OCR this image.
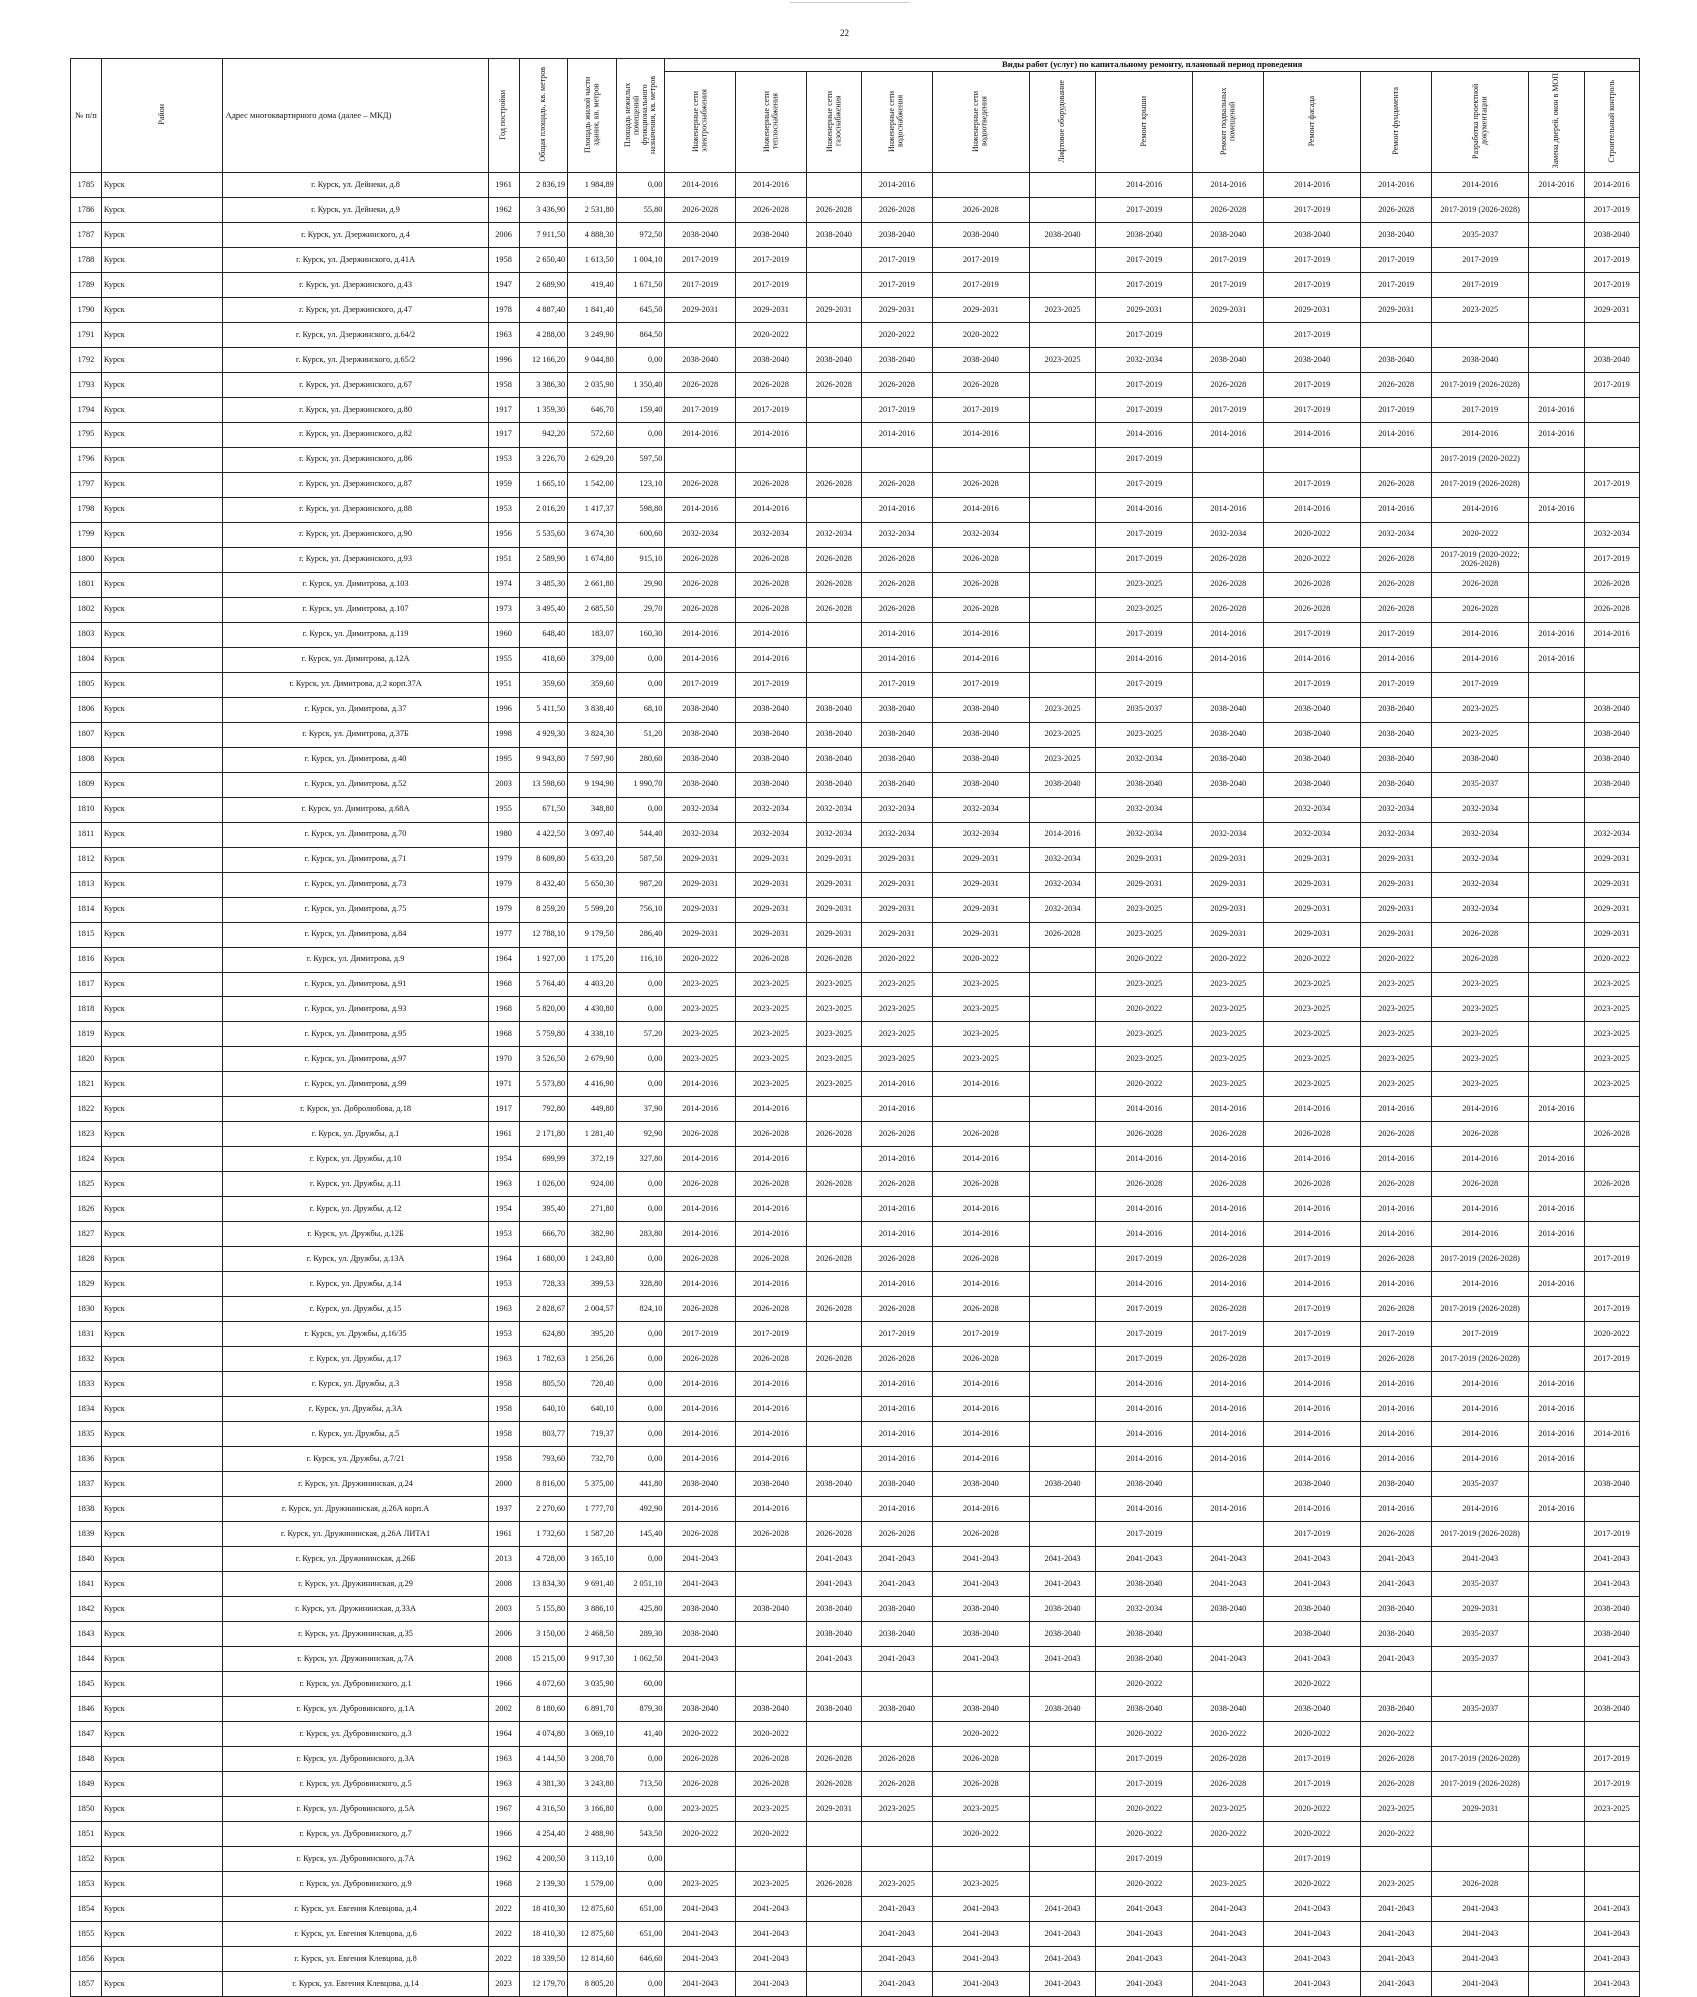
22
№ п/п	Район	Адрес многоквартирного дома (далее – МКД)	Год постройки	Общая площадь, кв. метров	Площадь жилой части здания, кв. метров	Площадь нежилых помещений функционального назначения, кв. метров	Виды работ (услуг) по капитальному ремонту, плановый период проведения												
							Инженерные сети электроснабжения	Инженерные сети теплоснабжения	Инженерные сети газоснабжения	Инженерные сети водоснабжения	Инженерные сети водоотведения	Лифтовое оборудование	Ремонт крыши	Ремонт подвальных помещений	Ремонт фасада	Ремонт фундамента	Разработка проектной документации	Замена дверей, окон в МОП	Строительный контроль
1785	Курск	г. Курск, ул. Дейнеки, д.8	1961	2 836,19	1 984,89	0,00	2014-2016	2014-2016		2014-2016			2014-2016	2014-2016	2014-2016	2014-2016	2014-2016	2014-2016	2014-2016
1786	Курск	г. Курск, ул. Дейнеки, д.9	1962	3 436,90	2 531,80	55,80	2026-2028	2026-2028	2026-2028	2026-2028	2026-2028		2017-2019	2026-2028	2017-2019	2026-2028	2017-2019 (2026-2028)		2017-2019
1787	Курск	г. Курск, ул. Дзержинского, д.4	2006	7 911,50	4 888,30	972,50	2038-2040	2038-2040	2038-2040	2038-2040	2038-2040	2038-2040	2038-2040	2038-2040	2038-2040	2038-2040	2035-2037		2038-2040
1788	Курск	г. Курск, ул. Дзержинского, д.41А	1958	2 650,40	1 613,50	1 004,10	2017-2019	2017-2019		2017-2019	2017-2019		2017-2019	2017-2019	2017-2019	2017-2019	2017-2019		2017-2019
1789	Курск	г. Курск, ул. Дзержинского, д.43	1947	2 689,90	419,40	1 671,50	2017-2019	2017-2019		2017-2019	2017-2019		2017-2019	2017-2019	2017-2019	2017-2019	2017-2019		2017-2019
1790	Курск	г. Курск, ул. Дзержинского, д.47	1978	4 887,40	1 841,40	645,50	2029-2031	2029-2031	2029-2031	2029-2031	2029-2031	2023-2025	2029-2031	2029-2031	2029-2031	2029-2031	2023-2025		2029-2031
1791	Курск	г. Курск, ул. Дзержинского, д.64/2	1963	4 288,00	3 249,90	864,50		2020-2022		2020-2022	2020-2022		2017-2019		2017-2019				
1792	Курск	г. Курск, ул. Дзержинского, д.65/2	1996	12 166,20	9 044,80	0,00	2038-2040	2038-2040	2038-2040	2038-2040	2038-2040	2023-2025	2032-2034	2038-2040	2038-2040	2038-2040	2038-2040		2038-2040
1793	Курск	г. Курск, ул. Дзержинского, д.67	1958	3 386,30	2 035,90	1 350,40	2026-2028	2026-2028	2026-2028	2026-2028	2026-2028		2017-2019	2026-2028	2017-2019	2026-2028	2017-2019 (2026-2028)		2017-2019
1794	Курск	г. Курск, ул. Дзержинского, д.80	1917	1 359,30	646,70	159,40	2017-2019	2017-2019		2017-2019	2017-2019		2017-2019	2017-2019	2017-2019	2017-2019	2017-2019	2014-2016	
1795	Курск	г. Курск, ул. Дзержинского, д.82	1917	942,20	572,60	0,00	2014-2016	2014-2016		2014-2016	2014-2016		2014-2016	2014-2016	2014-2016	2014-2016	2014-2016	2014-2016	
1796	Курск	г. Курск, ул. Дзержинского, д.86	1953	3 226,70	2 629,20	597,50							2017-2019				2017-2019 (2020-2022)		
1797	Курск	г. Курск, ул. Дзержинского, д.87	1959	1 665,10	1 542,00	123,10	2026-2028	2026-2028	2026-2028	2026-2028	2026-2028		2017-2019		2017-2019	2026-2028	2017-2019 (2026-2028)		2017-2019
1798	Курск	г. Курск, ул. Дзержинского, д.88	1953	2 016,20	1 417,37	598,80	2014-2016	2014-2016		2014-2016	2014-2016		2014-2016	2014-2016	2014-2016	2014-2016	2014-2016	2014-2016	
1799	Курск	г. Курск, ул. Дзержинского, д.90	1956	5 535,60	3 674,30	600,60	2032-2034	2032-2034	2032-2034	2032-2034	2032-2034		2017-2019	2032-2034	2020-2022	2032-2034	2020-2022		2032-2034
1800	Курск	г. Курск, ул. Дзержинского, д.93	1951	2 589,90	1 674,80	915,10	2026-2028	2026-2028	2026-2028	2026-2028	2026-2028		2017-2019	2026-2028	2020-2022	2026-2028	2017-2019 (2020-2022; 2026-2028)		2017-2019
1801	Курск	г. Курск, ул. Димитрова, д.103	1974	3 485,30	2 661,80	29,90	2026-2028	2026-2028	2026-2028	2026-2028	2026-2028		2023-2025	2026-2028	2026-2028	2026-2028	2026-2028		2026-2028
1802	Курск	г. Курск, ул. Димитрова, д.107	1973	3 495,40	2 685,50	29,70	2026-2028	2026-2028	2026-2028	2026-2028	2026-2028		2023-2025	2026-2028	2026-2028	2026-2028	2026-2028		2026-2028
1803	Курск	г. Курск, ул. Димитрова, д.119	1960	648,40	183,07	160,30	2014-2016	2014-2016		2014-2016	2014-2016		2017-2019	2014-2016	2017-2019	2017-2019	2014-2016	2014-2016	2014-2016
1804	Курск	г. Курск, ул. Димитрова, д.12А	1955	418,60	379,00	0,00	2014-2016	2014-2016		2014-2016	2014-2016		2014-2016	2014-2016	2014-2016	2014-2016	2014-2016	2014-2016	
1805	Курск	г. Курск, ул. Димитрова, д.2 корп.37А	1951	359,60	359,60	0,00	2017-2019	2017-2019		2017-2019	2017-2019		2017-2019		2017-2019	2017-2019	2017-2019		
1806	Курск	г. Курск, ул. Димитрова, д.37	1996	5 411,50	3 838,40	68,10	2038-2040	2038-2040	2038-2040	2038-2040	2038-2040	2023-2025	2035-2037	2038-2040	2038-2040	2038-2040	2023-2025		2038-2040
1807	Курск	г. Курск, ул. Димитрова, д.37Б	1998	4 929,30	3 824,30	51,20	2038-2040	2038-2040	2038-2040	2038-2040	2038-2040	2023-2025	2023-2025	2038-2040	2038-2040	2038-2040	2023-2025		2038-2040
1808	Курск	г. Курск, ул. Димитрова, д.40	1995	9 943,80	7 597,90	280,60	2038-2040	2038-2040	2038-2040	2038-2040	2038-2040	2023-2025	2032-2034	2038-2040	2038-2040	2038-2040	2038-2040		2038-2040
1809	Курск	г. Курск, ул. Димитрова, д.52	2003	13 598,60	9 194,90	1 990,70	2038-2040	2038-2040	2038-2040	2038-2040	2038-2040	2038-2040	2038-2040	2038-2040	2038-2040	2038-2040	2035-2037		2038-2040
1810	Курск	г. Курск, ул. Димитрова, д.68А	1955	671,50	348,80	0,00	2032-2034	2032-2034	2032-2034	2032-2034	2032-2034		2032-2034		2032-2034	2032-2034	2032-2034		
1811	Курск	г. Курск, ул. Димитрова, д.70	1980	4 422,50	3 097,40	544,40	2032-2034	2032-2034	2032-2034	2032-2034	2032-2034	2014-2016	2032-2034	2032-2034	2032-2034	2032-2034	2032-2034		2032-2034
1812	Курск	г. Курск, ул. Димитрова, д.71	1979	8 609,80	5 633,20	587,50	2029-2031	2029-2031	2029-2031	2029-2031	2029-2031	2032-2034	2029-2031	2029-2031	2029-2031	2029-2031	2032-2034		2029-2031
1813	Курск	г. Курск, ул. Димитрова, д.73	1979	8 432,40	5 650,30	987,20	2029-2031	2029-2031	2029-2031	2029-2031	2029-2031	2032-2034	2029-2031	2029-2031	2029-2031	2029-2031	2032-2034		2029-2031
1814	Курск	г. Курск, ул. Димитрова, д.75	1979	8 259,20	5 599,20	756,10	2029-2031	2029-2031	2029-2031	2029-2031	2029-2031	2032-2034	2023-2025	2029-2031	2029-2031	2029-2031	2032-2034		2029-2031
1815	Курск	г. Курск, ул. Димитрова, д.84	1977	12 788,10	9 179,50	286,40	2029-2031	2029-2031	2029-2031	2029-2031	2029-2031	2026-2028	2023-2025	2029-2031	2029-2031	2029-2031	2026-2028		2029-2031
1816	Курск	г. Курск, ул. Димитрова, д.9	1964	1 927,00	1 175,20	116,10	2020-2022	2026-2028	2026-2028	2020-2022	2020-2022		2020-2022	2020-2022	2020-2022	2020-2022	2026-2028		2020-2022
1817	Курск	г. Курск, ул. Димитрова, д.91	1968	5 764,40	4 403,20	0,00	2023-2025	2023-2025	2023-2025	2023-2025	2023-2025		2023-2025	2023-2025	2023-2025	2023-2025	2023-2025		2023-2025
1818	Курск	г. Курск, ул. Димитрова, д.93	1968	5 820,00	4 430,80	0,00	2023-2025	2023-2025	2023-2025	2023-2025	2023-2025		2020-2022	2023-2025	2023-2025	2023-2025	2023-2025		2023-2025
1819	Курск	г. Курск, ул. Димитрова, д.95	1968	5 759,80	4 338,10	57,20	2023-2025	2023-2025	2023-2025	2023-2025	2023-2025		2023-2025	2023-2025	2023-2025	2023-2025	2023-2025		2023-2025
1820	Курск	г. Курск, ул. Димитрова, д.97	1970	3 526,50	2 679,90	0,00	2023-2025	2023-2025	2023-2025	2023-2025	2023-2025		2023-2025	2023-2025	2023-2025	2023-2025	2023-2025		2023-2025
1821	Курск	г. Курск, ул. Димитрова, д.99	1971	5 573,80	4 416,90	0,00	2014-2016	2023-2025	2023-2025	2014-2016	2014-2016		2020-2022	2023-2025	2023-2025	2023-2025	2023-2025		2023-2025
1822	Курск	г. Курск, ул. Добролюбова, д.18	1917	792,80	449,80	37,90	2014-2016	2014-2016		2014-2016			2014-2016	2014-2016	2014-2016	2014-2016	2014-2016	2014-2016	
1823	Курск	г. Курск, ул. Дружбы, д.1	1961	2 171,80	1 281,40	92,90	2026-2028	2026-2028	2026-2028	2026-2028	2026-2028		2026-2028	2026-2028	2026-2028	2026-2028	2026-2028		2026-2028
1824	Курск	г. Курск, ул. Дружбы, д.10	1954	699,99	372,19	327,80	2014-2016	2014-2016		2014-2016	2014-2016		2014-2016	2014-2016	2014-2016	2014-2016	2014-2016	2014-2016	
1825	Курск	г. Курск, ул. Дружбы, д.11	1963	1 026,00	924,00	0,00	2026-2028	2026-2028	2026-2028	2026-2028	2026-2028		2026-2028	2026-2028	2026-2028	2026-2028	2026-2028		2026-2028
1826	Курск	г. Курск, ул. Дружбы, д.12	1954	395,40	271,80	0,00	2014-2016	2014-2016		2014-2016	2014-2016		2014-2016	2014-2016	2014-2016	2014-2016	2014-2016	2014-2016	
1827	Курск	г. Курск, ул. Дружбы, д.12Б	1953	666,70	382,90	283,80	2014-2016	2014-2016		2014-2016	2014-2016		2014-2016	2014-2016	2014-2016	2014-2016	2014-2016	2014-2016	
1828	Курск	г. Курск, ул. Дружбы, д.13А	1964	1 680,00	1 243,80	0,00	2026-2028	2026-2028	2026-2028	2026-2028	2026-2028		2017-2019	2026-2028	2017-2019	2026-2028	2017-2019 (2026-2028)		2017-2019
1829	Курск	г. Курск, ул. Дружбы, д.14	1953	728,33	399,53	328,80	2014-2016	2014-2016		2014-2016	2014-2016		2014-2016	2014-2016	2014-2016	2014-2016	2014-2016	2014-2016	
1830	Курск	г. Курск, ул. Дружбы, д.15	1963	2 828,67	2 004,57	824,10	2026-2028	2026-2028	2026-2028	2026-2028	2026-2028		2017-2019	2026-2028	2017-2019	2026-2028	2017-2019 (2026-2028)		2017-2019
1831	Курск	г. Курск, ул. Дружбы, д.16/35	1953	624,80	395,20	0,00	2017-2019	2017-2019		2017-2019	2017-2019		2017-2019	2017-2019	2017-2019	2017-2019	2017-2019		2020-2022
1832	Курск	г. Курск, ул. Дружбы, д.17	1963	1 782,63	1 256,26	0,00	2026-2028	2026-2028	2026-2028	2026-2028	2026-2028		2017-2019	2026-2028	2017-2019	2026-2028	2017-2019 (2026-2028)		2017-2019
1833	Курск	г. Курск, ул. Дружбы, д.3	1958	805,50	720,40	0,00	2014-2016	2014-2016		2014-2016	2014-2016		2014-2016	2014-2016	2014-2016	2014-2016	2014-2016	2014-2016	
1834	Курск	г. Курск, ул. Дружбы, д.3А	1958	640,10	640,10	0,00	2014-2016	2014-2016		2014-2016	2014-2016		2014-2016	2014-2016	2014-2016	2014-2016	2014-2016	2014-2016	
1835	Курск	г. Курск, ул. Дружбы, д.5	1958	803,77	719,37	0,00	2014-2016	2014-2016		2014-2016	2014-2016		2014-2016	2014-2016	2014-2016	2014-2016	2014-2016	2014-2016	2014-2016
1836	Курск	г. Курск, ул. Дружбы, д.7/21	1958	793,60	732,70	0,00	2014-2016	2014-2016		2014-2016	2014-2016		2014-2016	2014-2016	2014-2016	2014-2016	2014-2016	2014-2016	
1837	Курск	г. Курск, ул. Дружининская, д.24	2000	8 816,00	5 375,00	441,80	2038-2040	2038-2040	2038-2040	2038-2040	2038-2040	2038-2040	2038-2040		2038-2040	2038-2040	2035-2037		2038-2040
1838	Курск	г. Курск, ул. Дружининская, д.26А корп.А	1937	2 270,60	1 777,70	492,90	2014-2016	2014-2016		2014-2016	2014-2016		2014-2016	2014-2016	2014-2016	2014-2016	2014-2016	2014-2016	
1839	Курск	г. Курск, ул. Дружининская, д.26А ЛИТА1	1961	1 732,60	1 587,20	145,40	2026-2028	2026-2028	2026-2028	2026-2028	2026-2028		2017-2019		2017-2019	2026-2028	2017-2019 (2026-2028)		2017-2019
1840	Курск	г. Курск, ул. Дружининская, д.26Б	2013	4 728,00	3 165,10	0,00	2041-2043		2041-2043	2041-2043	2041-2043	2041-2043	2041-2043	2041-2043	2041-2043	2041-2043	2041-2043		2041-2043
1841	Курск	г. Курск, ул. Дружининская, д.29	2008	13 834,30	9 691,40	2 051,10	2041-2043		2041-2043	2041-2043	2041-2043	2041-2043	2038-2040	2041-2043	2041-2043	2041-2043	2035-2037		2041-2043
1842	Курск	г. Курск, ул. Дружининская, д.33А	2003	5 155,80	3 886,10	425,80	2038-2040	2038-2040	2038-2040	2038-2040	2038-2040	2038-2040	2032-2034	2038-2040	2038-2040	2038-2040	2029-2031		2038-2040
1843	Курск	г. Курск, ул. Дружининская, д.35	2006	3 150,00	2 468,50	289,30	2038-2040		2038-2040	2038-2040	2038-2040	2038-2040	2038-2040		2038-2040	2038-2040	2035-2037		2038-2040
1844	Курск	г. Курск, ул. Дружининская, д.7А	2008	15 215,00	9 917,30	1 062,50	2041-2043		2041-2043	2041-2043	2041-2043	2041-2043	2038-2040	2041-2043	2041-2043	2041-2043	2035-2037		2041-2043
1845	Курск	г. Курск, ул. Дубровинского, д.1	1966	4 072,60	3 035,90	60,00							2020-2022		2020-2022				
1846	Курск	г. Курск, ул. Дубровинского, д.1А	2002	8 180,60	6 891,70	879,30	2038-2040	2038-2040	2038-2040	2038-2040	2038-2040	2038-2040	2038-2040	2038-2040	2038-2040	2038-2040	2035-2037		2038-2040
1847	Курск	г. Курск, ул. Дубровинского, д.3	1964	4 074,80	3 069,10	41,40	2020-2022	2020-2022			2020-2022		2020-2022	2020-2022	2020-2022	2020-2022			
1848	Курск	г. Курск, ул. Дубровинского, д.3А	1963	4 144,50	3 208,70	0,00	2026-2028	2026-2028	2026-2028	2026-2028	2026-2028		2017-2019	2026-2028	2017-2019	2026-2028	2017-2019 (2026-2028)		2017-2019
1849	Курск	г. Курск, ул. Дубровинского, д.5	1963	4 381,30	3 243,80	713,50	2026-2028	2026-2028	2026-2028	2026-2028	2026-2028		2017-2019	2026-2028	2017-2019	2026-2028	2017-2019 (2026-2028)		2017-2019
1850	Курск	г. Курск, ул. Дубровинского, д.5А	1967	4 316,50	3 166,80	0,00	2023-2025	2023-2025	2029-2031	2023-2025	2023-2025		2020-2022	2023-2025	2020-2022	2023-2025	2029-2031		2023-2025
1851	Курск	г. Курск, ул. Дубровинского, д.7	1966	4 254,40	2 488,90	543,50	2020-2022	2020-2022			2020-2022		2020-2022	2020-2022	2020-2022	2020-2022			
1852	Курск	г. Курск, ул. Дубровинского, д.7А	1962	4 200,50	3 113,10	0,00							2017-2019		2017-2019				
1853	Курск	г. Курск, ул. Дубровинского, д.9	1968	2 139,30	1 579,00	0,00	2023-2025	2023-2025	2026-2028	2023-2025	2023-2025		2020-2022	2023-2025	2020-2022	2023-2025	2026-2028		
1854	Курск	г. Курск, ул. Евгения Клевцова, д.4	2022	18 410,30	12 875,60	651,00	2041-2043	2041-2043		2041-2043	2041-2043	2041-2043	2041-2043	2041-2043	2041-2043	2041-2043	2041-2043		2041-2043
1855	Курск	г. Курск, ул. Евгения Клевцова, д.6	2022	18 410,30	12 875,60	651,00	2041-2043	2041-2043		2041-2043	2041-2043	2041-2043	2041-2043	2041-2043	2041-2043	2041-2043	2041-2043		2041-2043
1856	Курск	г. Курск, ул. Евгения Клевцова, д.8	2022	18 339,50	12 814,60	646,60	2041-2043	2041-2043		2041-2043	2041-2043	2041-2043	2041-2043	2041-2043	2041-2043	2041-2043	2041-2043		2041-2043
1857	Курск	г. Курск, ул. Евгения Клевцова, д.14	2023	12 179,70	8 805,20	0,00	2041-2043	2041-2043		2041-2043	2041-2043	2041-2043	2041-2043	2041-2043	2041-2043	2041-2043	2041-2043		2041-2043
